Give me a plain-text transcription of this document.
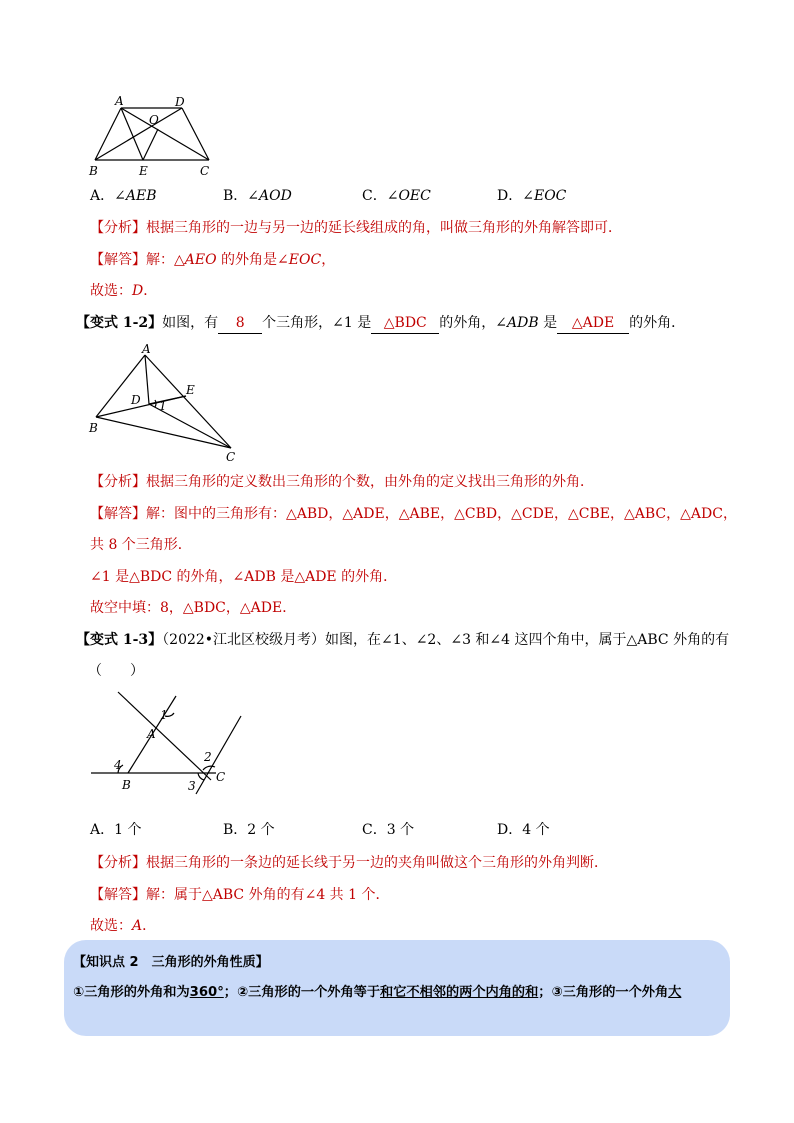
A	D
O
B	E	C
A．∠AEB	B．∠AOD	C．∠OEC	D．∠EOC
【分析】根据三角形的一边与另一边的延长线组成的角，叫做三角形的外角解答即可．
【解答】解：△AEO 的外角是∠EOC，
故选：D．
【变式 1-2】如图，有 8 个三角形，∠1 是 △BDC 的外角，∠ADB 是 △ADE 的外角．
A
D
E
1
B
C
【分析】根据三角形的定义数出三角形的个数，由外角的定义找出三角形的外角．
【解答】解：图中的三角形有：△ABD，△ADE，△ABE，△CBD，△CDE，△CBE，△ABC，△ADC，
共 8 个三角形．
∠1 是△BDC 的外角，∠ADB 是△ADE 的外角．
故空中填：8，△BDC，△ADE．
【变式 1-3】（2022•江北区校级月考）如图，在∠1、∠2、∠3 和∠4 这四个角中，属于△ABC 外角的有
（　　）
1
A
2
4
B	3
C
A．1 个	B．2 个	C．3 个	D．4 个
【分析】根据三角形的一条边的延长线于另一边的夹角叫做这个三角形的外角判断．
【解答】解：属于△ABC 外角的有∠4 共 1 个．
故选：A．
【知识点 2　三角形的外角性质】
①三角形的外角和为360°；②三角形的一个外角等于和它不相邻的两个内角的和；③三角形的一个外角大
